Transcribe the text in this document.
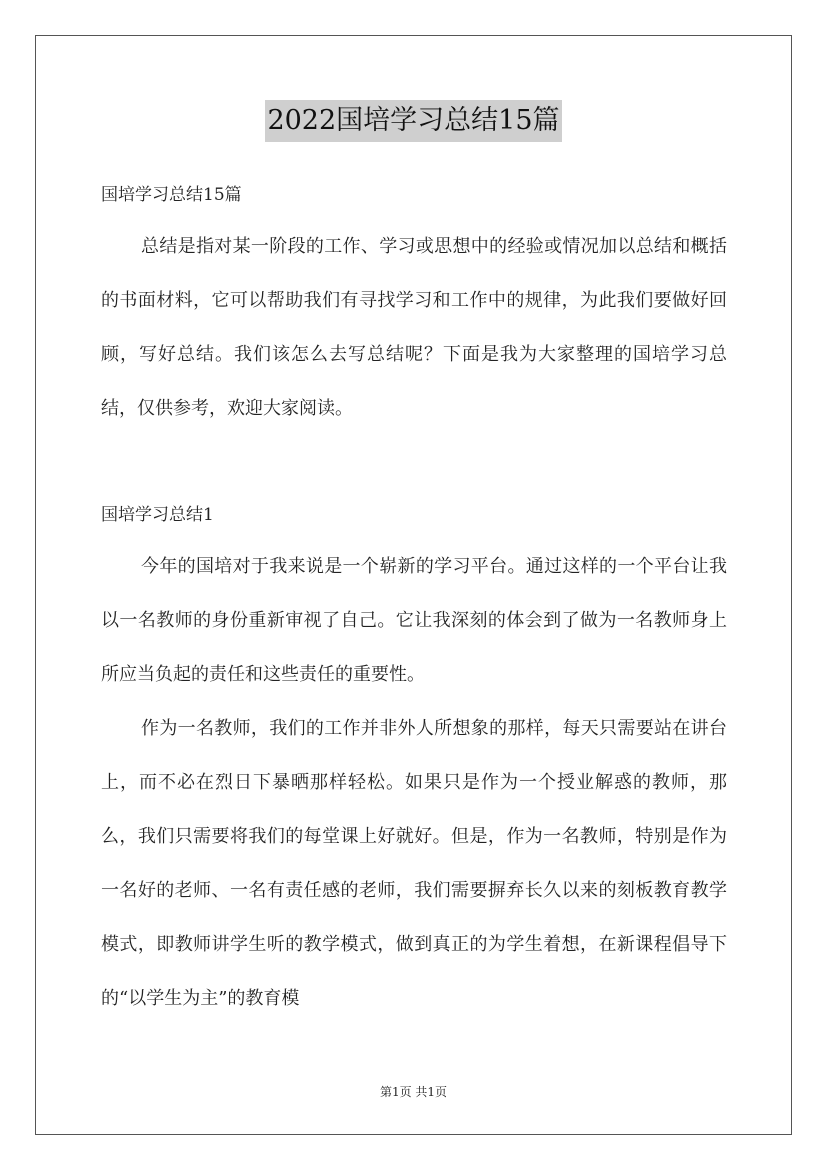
2022国培学习总结15篇

国培学习总结15篇

总结是指对某一阶段的工作、学习或思想中的经验或情况加以总结和概括的书面材料，它可以帮助我们有寻找学习和工作中的规律，为此我们要做好回顾，写好总结。我们该怎么去写总结呢？下面是我为大家整理的国培学习总结，仅供参考，欢迎大家阅读。

国培学习总结1

今年的国培对于我来说是一个崭新的学习平台。通过这样的一个平台让我以一名教师的身份重新审视了自己。它让我深刻的体会到了做为一名教师身上所应当负起的责任和这些责任的重要性。

作为一名教师，我们的工作并非外人所想象的那样，每天只需要站在讲台上，而不必在烈日下暴晒那样轻松。如果只是作为一个授业解惑的教师，那么，我们只需要将我们的每堂课上好就好。但是，作为一名教师，特别是作为一名好的老师、一名有责任感的老师，我们需要摒弃长久以来的刻板教育教学模式，即教师讲学生听的教学模式，做到真正的为学生着想，在新课程倡导下的“以学生为主”的教育模

第1页 共1页
